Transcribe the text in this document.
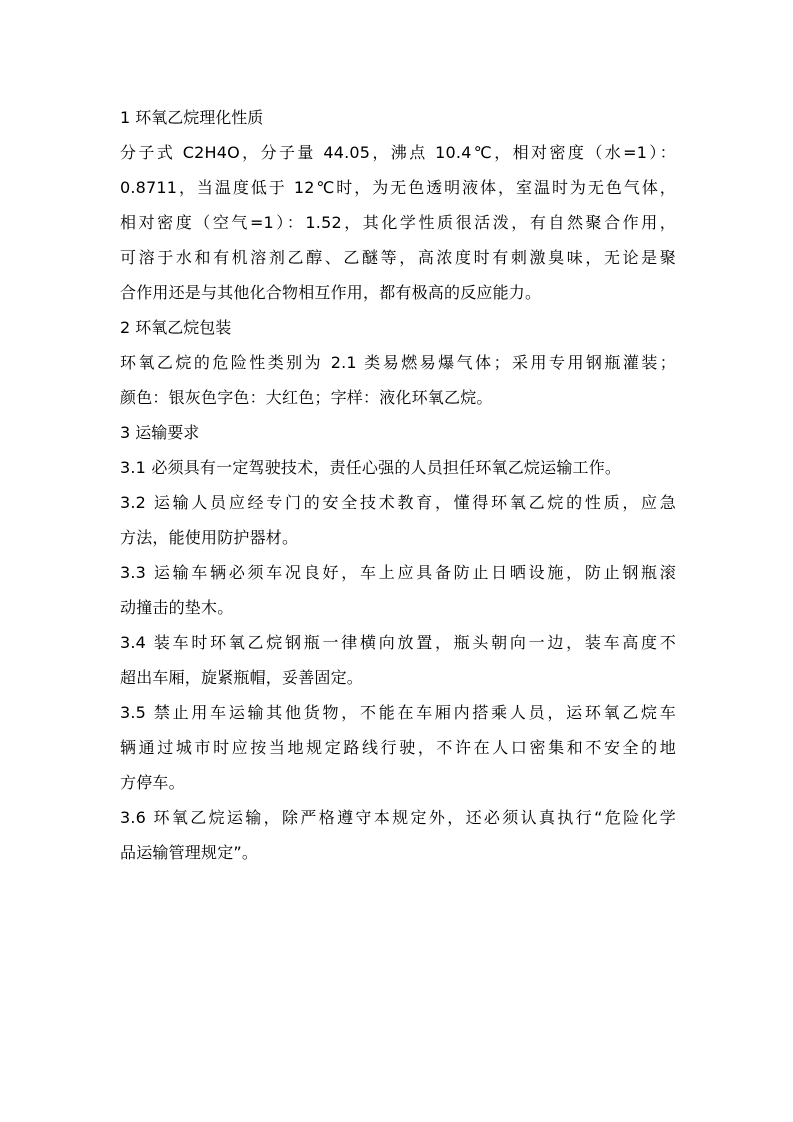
1 环氧乙烷理化性质
分子式 C2H4O，分子量 44.05，沸点 10.4℃，相对密度（水=1）：
0.8711，当温度低于 12℃时，为无色透明液体，室温时为无色气体，
相对密度（空气=1）：1.52，其化学性质很活泼，有自然聚合作用，
可溶于水和有机溶剂乙醇、乙醚等，高浓度时有刺激臭味，无论是聚
合作用还是与其他化合物相互作用，都有极高的反应能力。
2 环氧乙烷包装
环氧乙烷的危险性类别为 2.1 类易燃易爆气体；采用专用钢瓶灌装；
颜色：银灰色字色：大红色；字样：液化环氧乙烷。
3 运输要求
3.1 必须具有一定驾驶技术，责任心强的人员担任环氧乙烷运输工作。
3.2 运输人员应经专门的安全技术教育，懂得环氧乙烷的性质，应急
方法，能使用防护器材。
3.3 运输车辆必须车况良好，车上应具备防止日晒设施，防止钢瓶滚
动撞击的垫木。
3.4 装车时环氧乙烷钢瓶一律横向放置，瓶头朝向一边，装车高度不
超出车厢，旋紧瓶帽，妥善固定。
3.5 禁止用车运输其他货物，不能在车厢内搭乘人员，运环氧乙烷车
辆通过城市时应按当地规定路线行驶，不许在人口密集和不安全的地
方停车。
3.6 环氧乙烷运输，除严格遵守本规定外，还必须认真执行“危险化学
品运输管理规定”。
